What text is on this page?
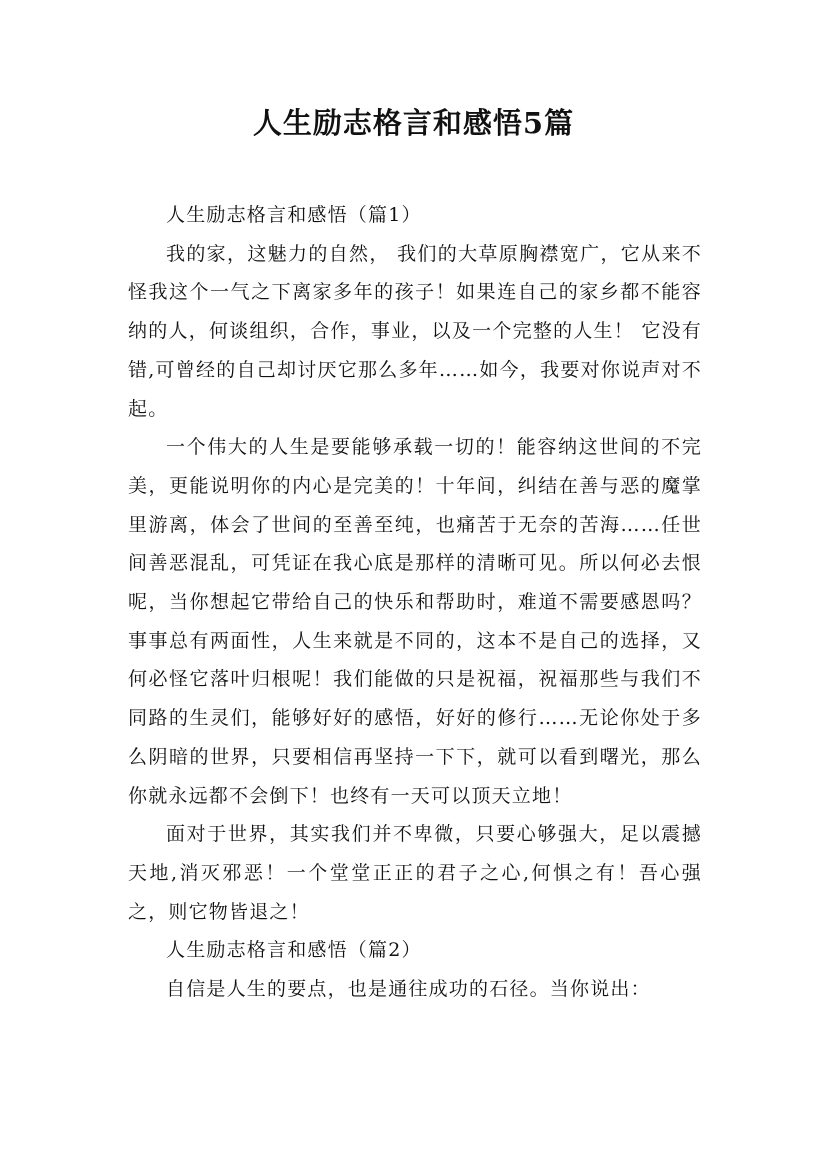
人生励志格言和感悟5篇

人生励志格言和感悟（篇1）

我的家，这魅力的自然， 我们的大草原胸襟宽广，它从来不怪我这个一气之下离家多年的孩子！如果连自己的家乡都不能容纳的人，何谈组织，合作，事业，以及一个完整的人生！ 它没有错,可曾经的自己却讨厌它那么多年……如今，我要对你说声对不起。

一个伟大的人生是要能够承载一切的！能容纳这世间的不完美，更能说明你的内心是完美的！十年间，纠结在善与恶的魔掌里游离，体会了世间的至善至纯，也痛苦于无奈的苦海……任世间善恶混乱，可凭证在我心底是那样的清晰可见。所以何必去恨呢，当你想起它带给自己的快乐和帮助时，难道不需要感恩吗？事事总有两面性，人生来就是不同的，这本不是自己的选择，又何必怪它落叶归根呢！我们能做的只是祝福，祝福那些与我们不同路的生灵们，能够好好的感悟，好好的修行……无论你处于多么阴暗的世界，只要相信再坚持一下下，就可以看到曙光，那么你就永远都不会倒下！也终有一天可以顶天立地！

面对于世界，其实我们并不卑微，只要心够强大，足以震撼天地,消灭邪恶！一个堂堂正正的君子之心,何惧之有！吾心强之，则它物皆退之！

人生励志格言和感悟（篇2）

自信是人生的要点，也是通往成功的石径。当你说出：
